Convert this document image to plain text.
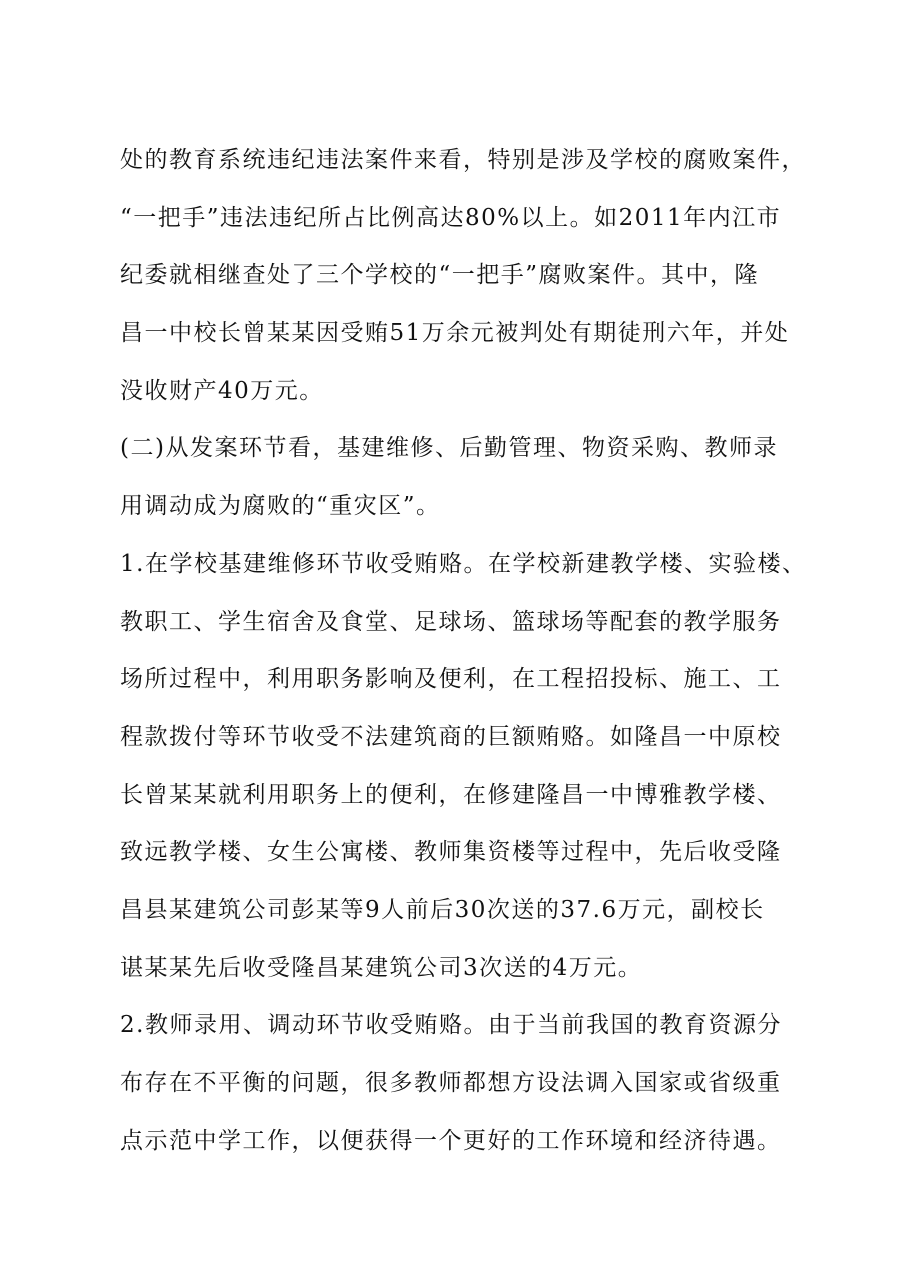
处的教育系统违纪违法案件来看，特别是涉及学校的腐败案件，
“一把手”违法违纪所占比例高达80%以上。如2011年内江市
纪委就相继查处了三个学校的“一把手”腐败案件。其中，隆
昌一中校长曾某某因受贿51万余元被判处有期徒刑六年，并处
没收财产40万元。
(二)从发案环节看，基建维修、后勤管理、物资采购、教师录
用调动成为腐败的“重灾区”。
1.在学校基建维修环节收受贿赂。在学校新建教学楼、实验楼、
教职工、学生宿舍及食堂、足球场、篮球场等配套的教学服务
场所过程中，利用职务影响及便利，在工程招投标、施工、工
程款拨付等环节收受不法建筑商的巨额贿赂。如隆昌一中原校
长曾某某就利用职务上的便利，在修建隆昌一中博雅教学楼、
致远教学楼、女生公寓楼、教师集资楼等过程中，先后收受隆
昌县某建筑公司彭某等9人前后30次送的37.6万元，副校长
谌某某先后收受隆昌某建筑公司3次送的4万元。
2.教师录用、调动环节收受贿赂。由于当前我国的教育资源分
布存在不平衡的问题，很多教师都想方设法调入国家或省级重
点示范中学工作，以便获得一个更好的工作环境和经济待遇。
